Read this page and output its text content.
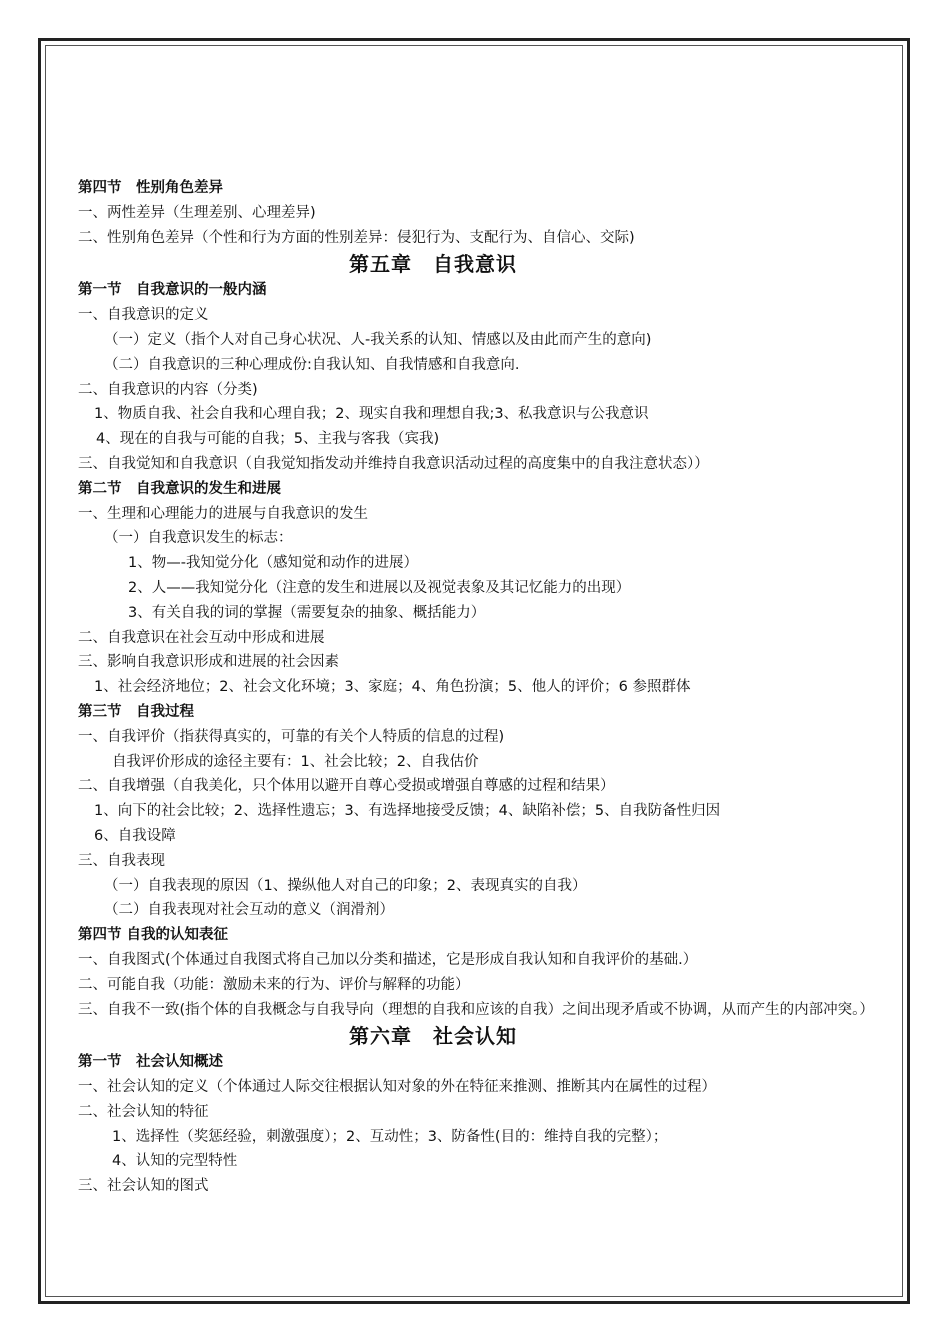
第四节　性别角色差异
一、两性差异（生理差别、心理差异)
二、性别角色差异（个性和行为方面的性别差异：侵犯行为、支配行为、自信心、交际)
第五章　自我意识
第一节　自我意识的一般内涵
一、自我意识的定义
（一）定义（指个人对自己身心状况、人-我关系的认知、情感以及由此而产生的意向)
（二）自我意识的三种心理成份:自我认知、自我情感和自我意向.
二、自我意识的内容（分类)
1、物质自我、社会自我和心理自我；2、现实自我和理想自我;3、私我意识与公我意识
4、现在的自我与可能的自我；5、主我与客我（宾我)
三、自我觉知和自我意识（自我觉知指发动并维持自我意识活动过程的高度集中的自我注意状态））
第二节　自我意识的发生和进展
一、生理和心理能力的进展与自我意识的发生
（一）自我意识发生的标志：
1、物—-我知觉分化（感知觉和动作的进展）
2、人——我知觉分化（注意的发生和进展以及视觉表象及其记忆能力的出现）
3、有关自我的词的掌握（需要复杂的抽象、概括能力）
二、自我意识在社会互动中形成和进展
三、影响自我意识形成和进展的社会因素
1、社会经济地位；2、社会文化环境；3、家庭；4、角色扮演；5、他人的评价；6 参照群体
第三节　自我过程
一、自我评价（指获得真实的，可靠的有关个人特质的信息的过程)
自我评价形成的途径主要有：1、社会比较；2、自我估价
二、自我增强（自我美化，只个体用以避开自尊心受损或增强自尊感的过程和结果）
1、向下的社会比较；2、选择性遗忘；3、有选择地接受反馈；4、缺陷补偿；5、自我防备性归因
6、自我设障
三、自我表现
（一）自我表现的原因（1、操纵他人对自己的印象；2、表现真实的自我）
（二）自我表现对社会互动的意义（润滑剂）
第四节 自我的认知表征
一、自我图式(个体通过自我图式将自己加以分类和描述，它是形成自我认知和自我评价的基础.）
二、可能自我（功能：激励未来的行为、评价与解释的功能）
三、自我不一致(指个体的自我概念与自我导向（理想的自我和应该的自我）之间出现矛盾或不协调，从而产生的内部冲突。）
第六章　社会认知
第一节　社会认知概述
一、社会认知的定义（个体通过人际交往根据认知对象的外在特征来推测、推断其内在属性的过程）
二、社会认知的特征
1、选择性（奖惩经验，刺激强度）；2、互动性；3、防备性(目的：维持自我的完整）；
4、认知的完型特性
三、社会认知的图式
